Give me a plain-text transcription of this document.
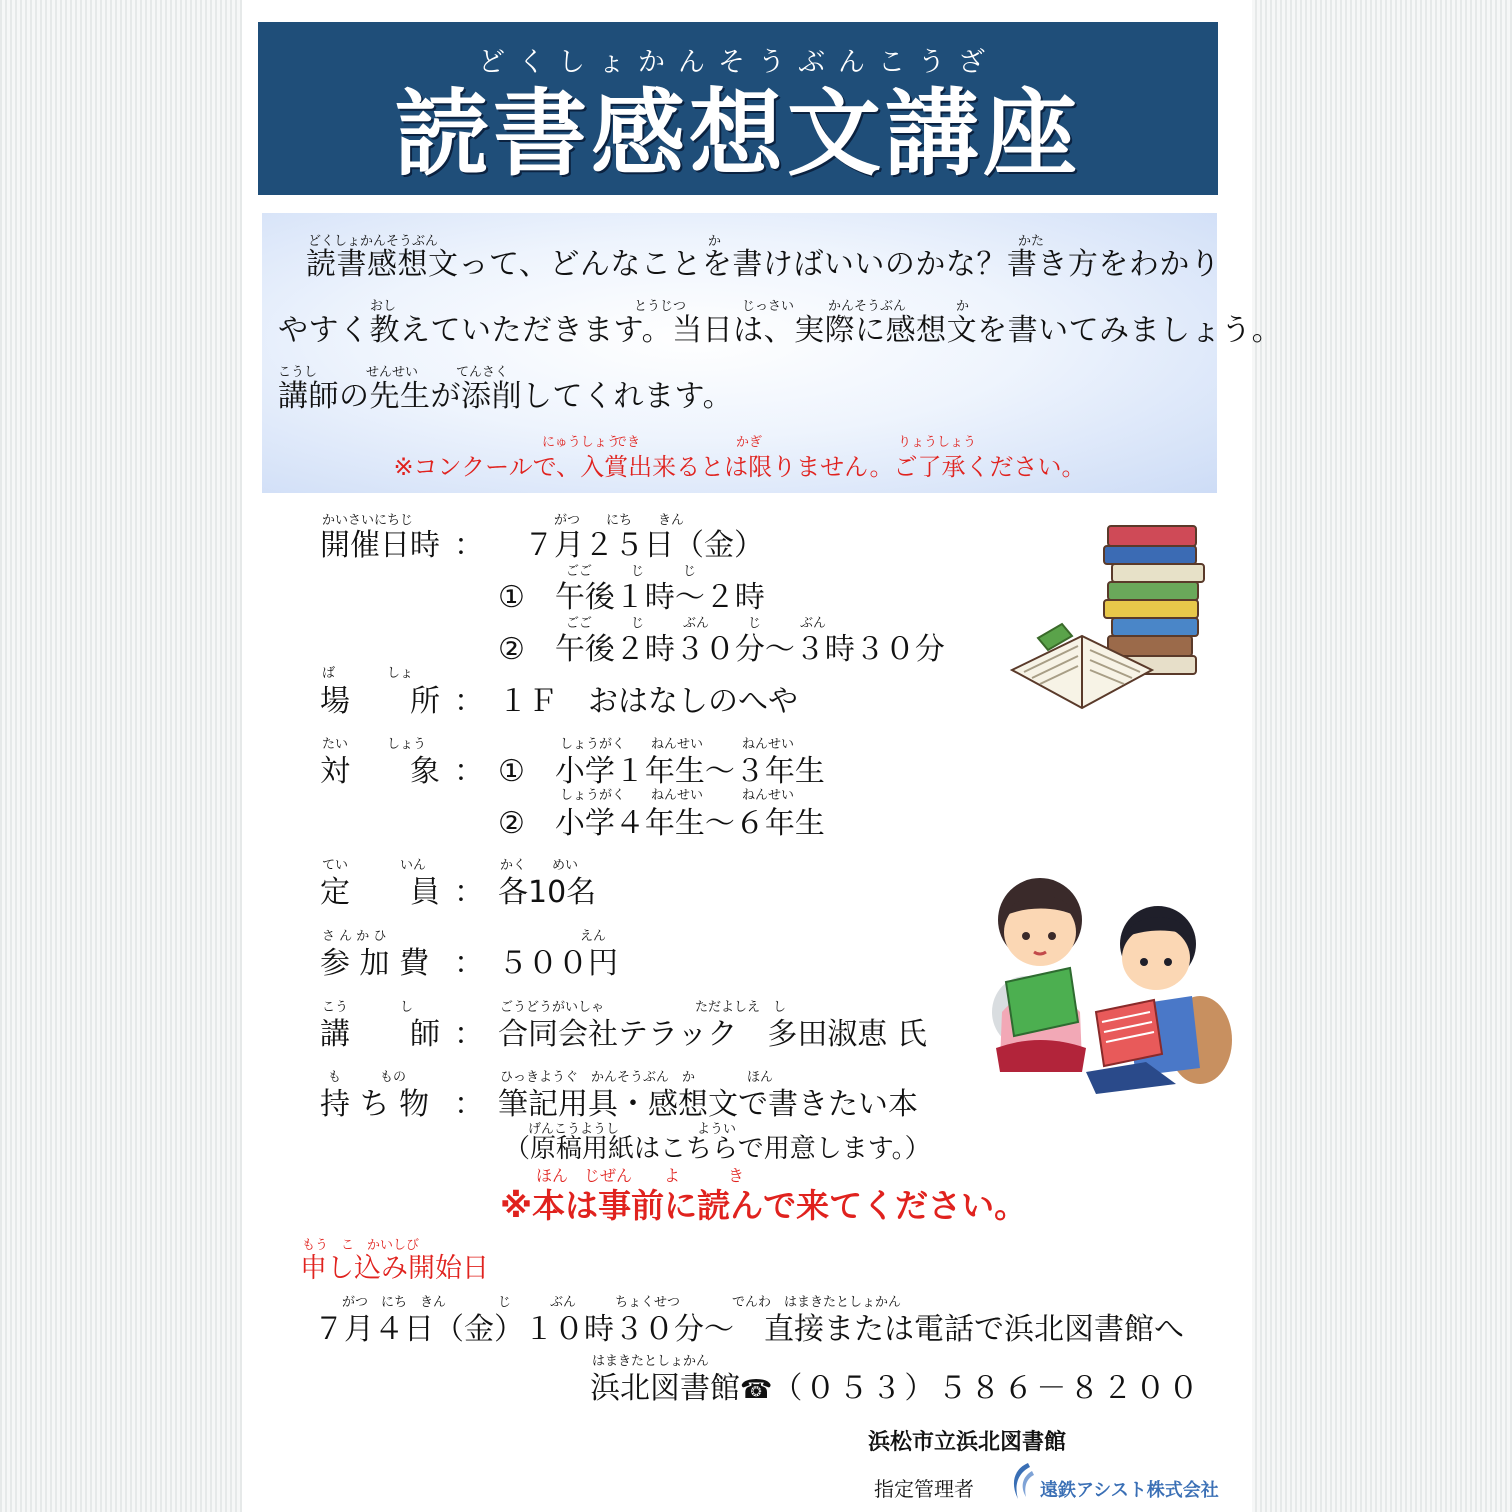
どくしょかんそうぶんこうざ
読書感想文講座
どくしょかんそうぶん	か	かた
読書感想文って、どんなことを書けばいいのかな？書き方をわかり
おし	とうじつ	じっさい	かんそうぶん	か
やすく教えていただきます。当日は、実際に感想文を書いてみましょう。
こうし	せんせい	てんさく
講師の先生が添削してくれます。
にゅうしょう
でき	かぎ	りょうしょう
※コンクールで、入賞出来るとは限りません。ご了承ください。
かいさいにちじ
開催日時 ：
がつ　　にち　　きん
７月２５日（金）
ごご　　　じ　　　じ
①　午後１時～２時
ごご　　　じ　　　ぶん　　　じ　　　ぶん
②　午後２時３０分～３時３０分
ば　　　　しょ
場　　所 ： １Ｆ　おはなしのへや
たい　　　しょう
対　　象 ：
しょうがく　　ねんせい　　　ねんせい
①　小学１年生～３年生
しょうがく　　ねんせい　　　ねんせい
②　小学４年生～６年生
てい　　　　いん
定　　員 ：
かく　　めい
各10名
さ ん か ひ
参 加 費 ：
えん
５００円
こう　　　　し
講　　師 ：
ごうどうがいしゃ　　　　　　　ただよしえ　し
合同会社テラック　多田淑恵 氏
も　　　もの
持 ち 物 ：
ひっきようぐ　かんそうぶん　か　　　　ほん
筆記用具・感想文で書きたい本
げんこうようし　　　　　　ようい
（原稿用紙はこちらで用意します。）
ほん　じぜん　　よ　　　き
※本は事前に読んで来てください。
もう　こ　かいしび
申し込み開始日
がつ　にち　きん　　　　じ　　　ぶん　　　ちょくせつ　　　　でんわ　はまきたとしょかん
７月４日（金）１０時３０分～　直接または電話で浜北図書館へ
はまきたとしょかん
浜北図書館☎（０５３）５８６－８２００
浜松市立浜北図書館
指定管理者	遠鉄アシスト株式会社
